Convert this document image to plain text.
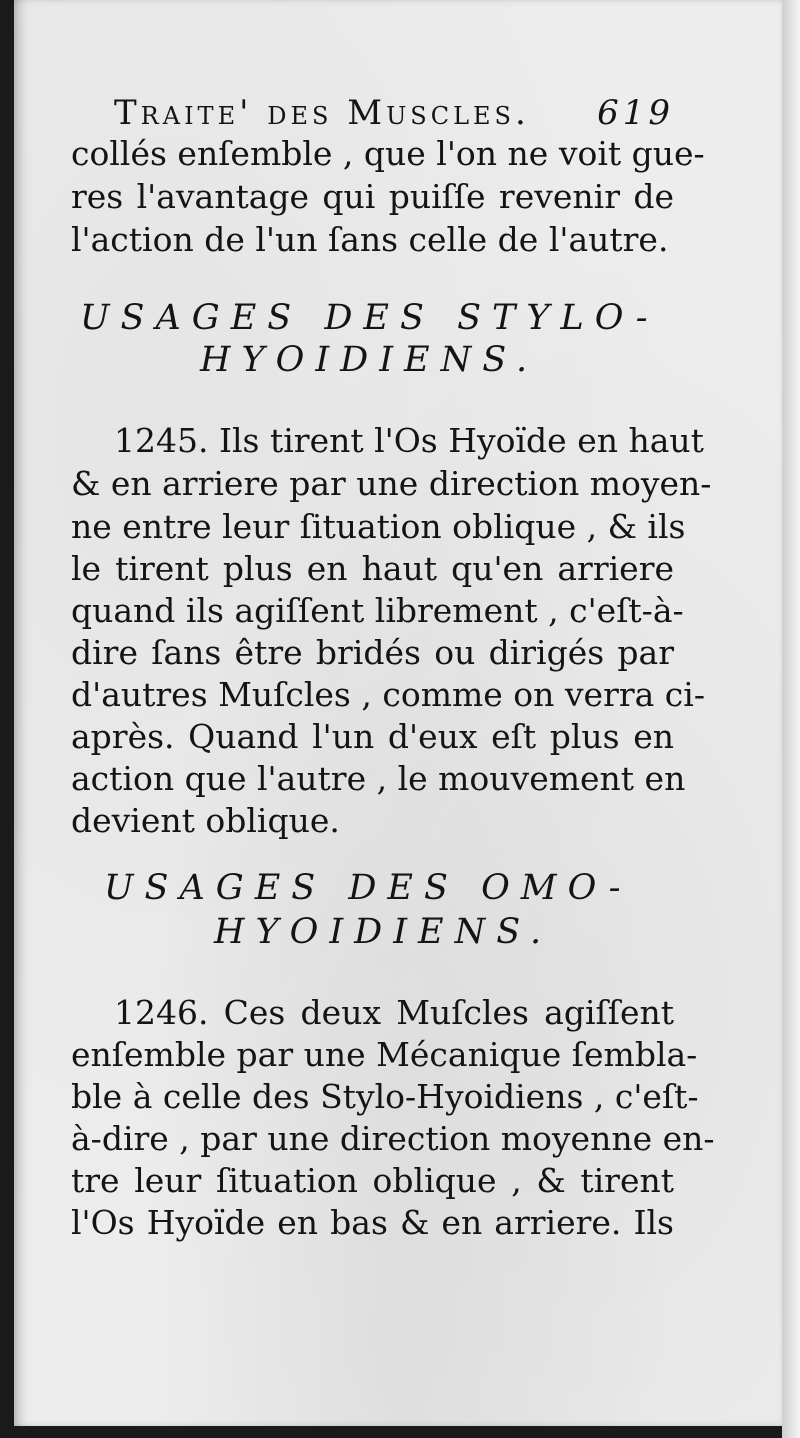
Traite' des Muscles. 619
collés enſemble , que l'on ne voit gue-
res l'avantage qui puiſſe revenir de
l'action de l'un ſans celle de l'autre.
USAGES DES STYLO-
HYOIDIENS.
1245. Ils tirent l'Os Hyoïde en haut
& en arriere par une direction moyen-
ne entre leur ſituation oblique , & ils
le tirent plus en haut qu'en arriere
quand ils agiſſent librement , c'eſt-à-
dire ſans être bridés ou dirigés par
d'autres Muſcles , comme on verra ci-
après. Quand l'un d'eux eſt plus en
action que l'autre , le mouvement en
devient oblique.
USAGES DES OMO-
HYOIDIENS.
1246. Ces deux Muſcles agiſſent
enſemble par une Mécanique ſembla-
ble à celle des Stylo-Hyoidiens , c'eſt-
à-dire , par une direction moyenne en-
tre leur ſituation oblique , & tirent
l'Os Hyoïde en bas & en arriere. Ils
